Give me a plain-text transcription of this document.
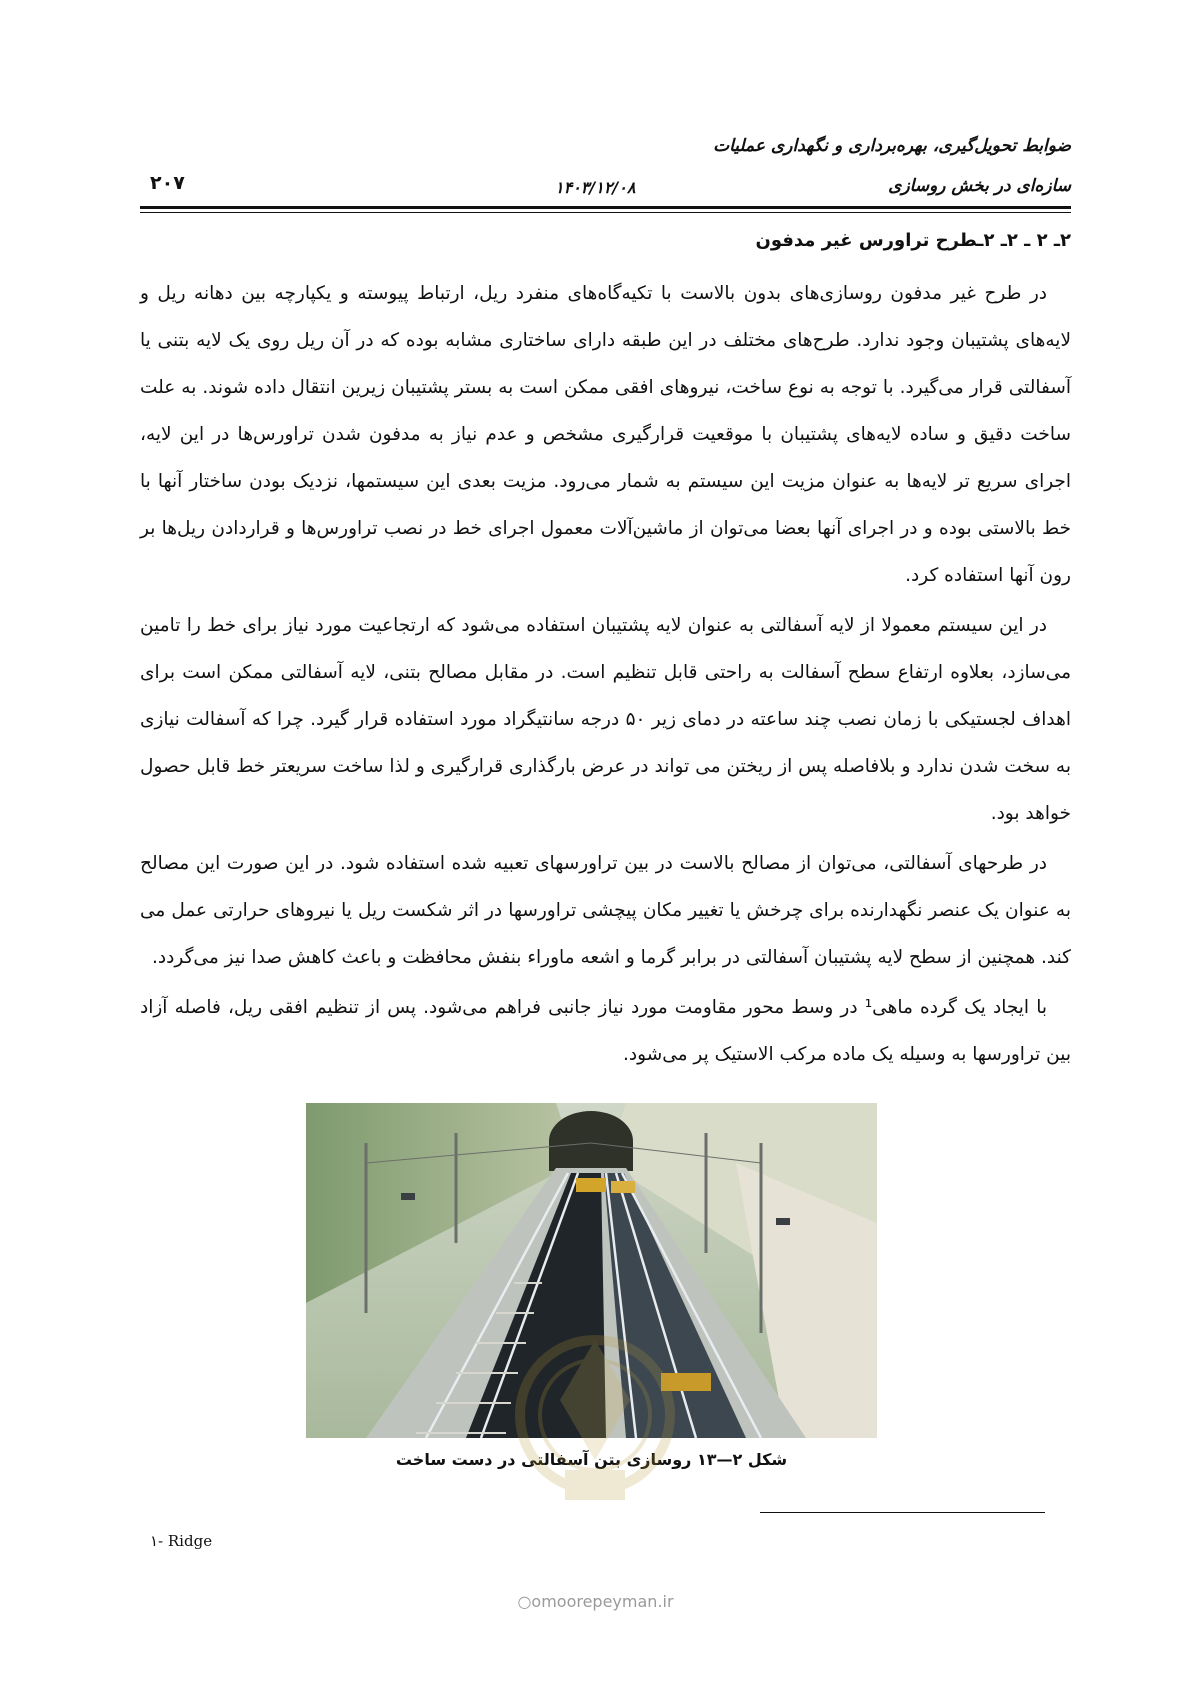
ضوابط تحویل‌گیری، بهره‌برداری و نگهداری عملیات
سازه‌ای در بخش روسازی
۱۴۰۳/۱۲/۰۸
۲۰۷
۲ـ ۲ ـ ۲ـ ۲ـطرح تراورس غیر مدفون

در طرح غیر مدفون روسازی‌های بدون بالاست با تکیه‌گاه‌های منفرد ریل، ارتباط پیوسته و یکپارچه بین دهانه ریل و لایه‌های پشتیبان وجود ندارد. طرح‌های مختلف در این طبقه دارای ساختاری مشابه بوده که در آن ریل روی یک لایه بتنی یا آسفالتی قرار می‌گیرد. با توجه به نوع ساخت، نیروهای افقی ممکن است به بستر پشتیبان زیرین انتقال داده شوند. به علت ساخت دقیق و ساده لایه‌های پشتیبان با موقعیت قرارگیری مشخص و عدم نیاز به مدفون شدن تراورس‌ها در این لایه، اجرای سریع تر لایه‌ها به عنوان مزیت این سیستم به شمار می‌رود. مزیت بعدی این سیستمها، نزدیک بودن ساختار آنها با خط بالاستی بوده و در اجرای آنها بعضا می‌توان از ماشین‌آلات معمول اجرای خط در نصب تراورس‌ها و قراردادن ریل‌ها بر رون آنها استفاده کرد.

در این سیستم معمولا از لایه آسفالتی به عنوان لایه پشتیبان استفاده می‌شود که ارتجاعیت مورد نیاز برای خط را تامین می‌سازد، بعلاوه ارتفاع سطح آسفالت به راحتی قابل تنظیم است. در مقابل مصالح بتنی، لایه آسفالتی ممکن است برای اهداف لجستیکی با زمان نصب چند ساعته در دمای زیر ۵۰ درجه سانتیگراد مورد استفاده قرار گیرد. چرا که آسفالت نیازی به سخت شدن ندارد و بلافاصله پس از ریختن می تواند در عرض بارگذاری قرارگیری و لذا ساخت سریعتر خط قابل حصول خواهد بود.

در طرحهای آسفالتی، می‌توان از مصالح بالاست در بین تراورسهای تعبیه شده استفاده شود. در این صورت این مصالح به عنوان یک عنصر نگهدارنده برای چرخش یا تغییر مکان پیچشی تراورسها در اثر شکست ریل یا نیروهای حرارتی عمل می کند. همچنین از سطح لایه پشتیبان آسفالتی در برابر گرما و اشعه ماوراء بنفش محافظت و باعث کاهش صدا نیز می‌گردد.

با ایجاد یک گرده ماهی¹ در وسط محور مقاومت مورد نیاز جانبی فراهم می‌شود. پس از تنظیم افقی ریل، فاصله آزاد بین تراورسها به وسیله یک ماده مرکب الاستیک پر می‌شود.

شکل ۲—۱۳ روسازی بتن آسفالتی در دست ساخت
۱- Ridge
○omoorepeyman.ir
